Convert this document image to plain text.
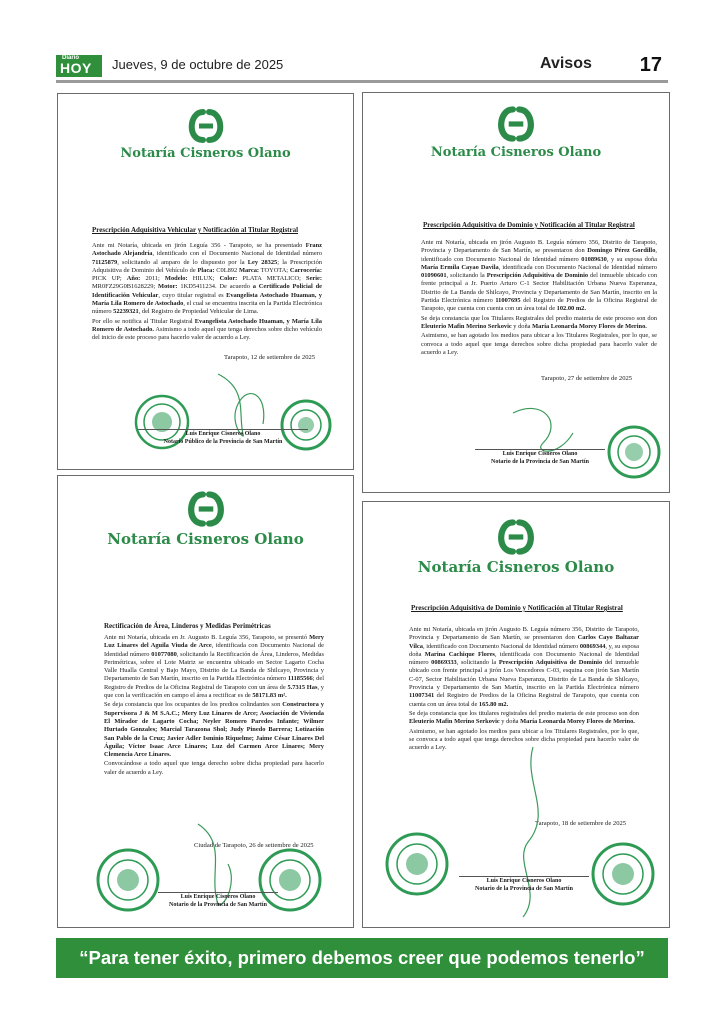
Diario
HOY Jueves, 9 de octubre de 2025	Avisos 17
Notaría Cisneros Olano
Prescripción Adquisitiva Vehicular y Notificación al Titular Registral

Ante mi Notaría, ubicada en jirón Leguía 356 - Tarapoto, se ha presentado Franz Astochado Alejandría, identificado con el Documento Nacional de Identidad número 71125879, solicitando al amparo de lo dispuesto por la Ley 28325; la Prescripción Adquisitiva de Dominio del Vehículo de Placa: C0L892 Marca: TOYOTA; Carrocería: PICK UP; Año: 2011; Modelo: HILUX; Color: PLATA METALICO; Serie: MR0FZ29G0B1628229; Motor: 1KD5411234. De acuerdo a Certificado Policial de Identificación Vehicular, cuyo titular registral es Evangelista Astochado Huaman, y María Lila Romero de Astochado, el cual se encuentra inscrita en la Partida Electrónica número 52239321, del Registro de Propiedad Vehicular de Lima.

Por ello se notifica al Titular Registral Evangelista Astochado Huaman, y María Lila Romero de Astochado. Asimismo a todo aquel que tenga derechos sobre dicho vehículo del inicio de este proceso para hacerlo valer de acuerdo a Ley.

Tarapoto, 12 de setiembre de 2025
Luis Enrique Cisneros Olano
Notario Público de la Provincia de San Martín
Notaría Cisneros Olano
Prescripción Adquisitiva de Dominio y Notificación al Titular Registral

Ante mi Notaría, ubicada en jirón Augusto B. Leguía número 356, Distrito de Tarapoto, Provincia y Departamento de San Martín, se presentaron don Domingo Pérez Gordillo, identificado con Documento Nacional de Identidad número 01089630, y su esposa doña María Ermila Cayao Davila, identificada con Documento Nacional de Identidad número 01090601, solicitando la Prescripción Adquisitiva de Dominio del inmueble ubicado con frente principal a Jr. Puerto Arturo C-1 Sector Habilitación Urbana Nueva Esperanza, Distrito de La Banda de Shilcayo, Provincia y Departamento de San Martín, inscrito en la Partida Electrónica número 11007695 del Registro de Predios de la Oficina Registral de Tarapoto, que cuenta con cuenta con un área total de 102.00 m2.

Se deja constancia que los Titulares Registrales del predio materia de este proceso son don Eleuterio Mafin Merino Serkovic y doña María Leonarda Morey Flores de Merino.

Asimismo, se han agotado los medios para ubicar a los Titulares Registrales, por lo que, se convoca a todo aquel que tenga derechos sobre dicha propiedad para hacerlo valer de acuerdo a Ley.

Tarapoto, 27 de setiembre de 2025
Luis Enrique Cisneros Olano
Notario de la Provincia de San Martín
Notaría Cisneros Olano
Rectificación de Área, Linderos y Medidas Perimétricas

Ante mi Notaría, ubicada en Jr. Augusto B. Leguía 356, Tarapoto, se presentó Mery Luz Linares del Aguila Viuda de Arce, identificada con Documento Nacional de Identidad número 01077080, solicitando la Rectificación de Área, Linderos, Medidas Perimétricas, sobre el Lote Matriz se encuentra ubicado en Sector Lagarto Cocha Valle Hualla Central y Bajo Mayo, Distrito de La Banda de Shilcayo, Provincia y Departamento de San Martín, inscrito en la Partida Electrónica número 11185566; del Registro de Predios de la Oficina Registral de Tarapoto con un área de 5.7315 Has, y que con la verificación en campo el área a rectificar es de 58171.83 m².

Se deja constancia que los ocupantes de los predios colindantes son Constructora y Supervisora J & M S.A.C.; Mery Luz Linares de Arce; Asociación de Vivienda El Mirador de Lagarto Cocha; Neyler Romero Paredes Infante; Wilmer Hurtado Gonzales; Marcial Tarazona Shol; Judy Pinedo Barrera; Lotización San Pablo de la Cruz; Javier Adler Isminio Riquelme; Jaime César Linares Del Águila; Víctor Isaac Arce Linares; Luz del Carmen Arce Linares; Mery Clemencia Arce Linares.

Convocándose a todo aquel que tenga derecho sobre dicha propiedad para hacerlo valer de acuerdo a Ley.

Ciudad de Tarapoto, 26 de setiembre de 2025
Luis Enrique Cisneros Olano
Notario de la Provincia de San Martín
Notaría Cisneros Olano
Prescripción Adquisitiva de Dominio y Notificación al Titular Registral

Ante mi Notaría, ubicada en jirón Augusto B. Leguía número 356, Distrito de Tarapoto, Provincia y Departamento de San Martín, se presentaron don Carlos Cayo Baltazar Vilca, identificado con Documento Nacional de Identidad número 00869344, y, su esposa doña Marina Cachique Flores, identificada con Documento Nacional de Identidad número 00869333, solicitando la Prescripción Adquisitiva de Dominio del inmueble ubicado con frente principal a jirón Los Vencedores C-03, esquina con jirón San Martín C-07, Sector Habilitación Urbana Nueva Esperanza, Distrito de La Banda de Shilcayo, Provincia y Departamento de San Martín, inscrito en la Partida Electrónica número 11007341 del Registro de Predios de la Oficina Registral de Tarapoto, que cuenta con cuenta con un área total de 165.80 m2.

Se deja constancia que los titulares registrales del predio materia de este proceso son don Eleuterio Mafin Merino Serkovic y doña María Leonarda Morey Flores de Merino.

Asimismo, se han agotado los medios para ubicar a los Titulares Registrales, por lo que, se convoca a todo aquel que tenga derechos sobre dicha propiedad para hacerlo valer de acuerdo a Ley.

Tarapoto, 18 de setiembre de 2025
Luis Enrique Cisneros Olano
Notario de la Provincia de San Martín
“Para tener éxito, primero debemos creer que podemos tenerlo”
